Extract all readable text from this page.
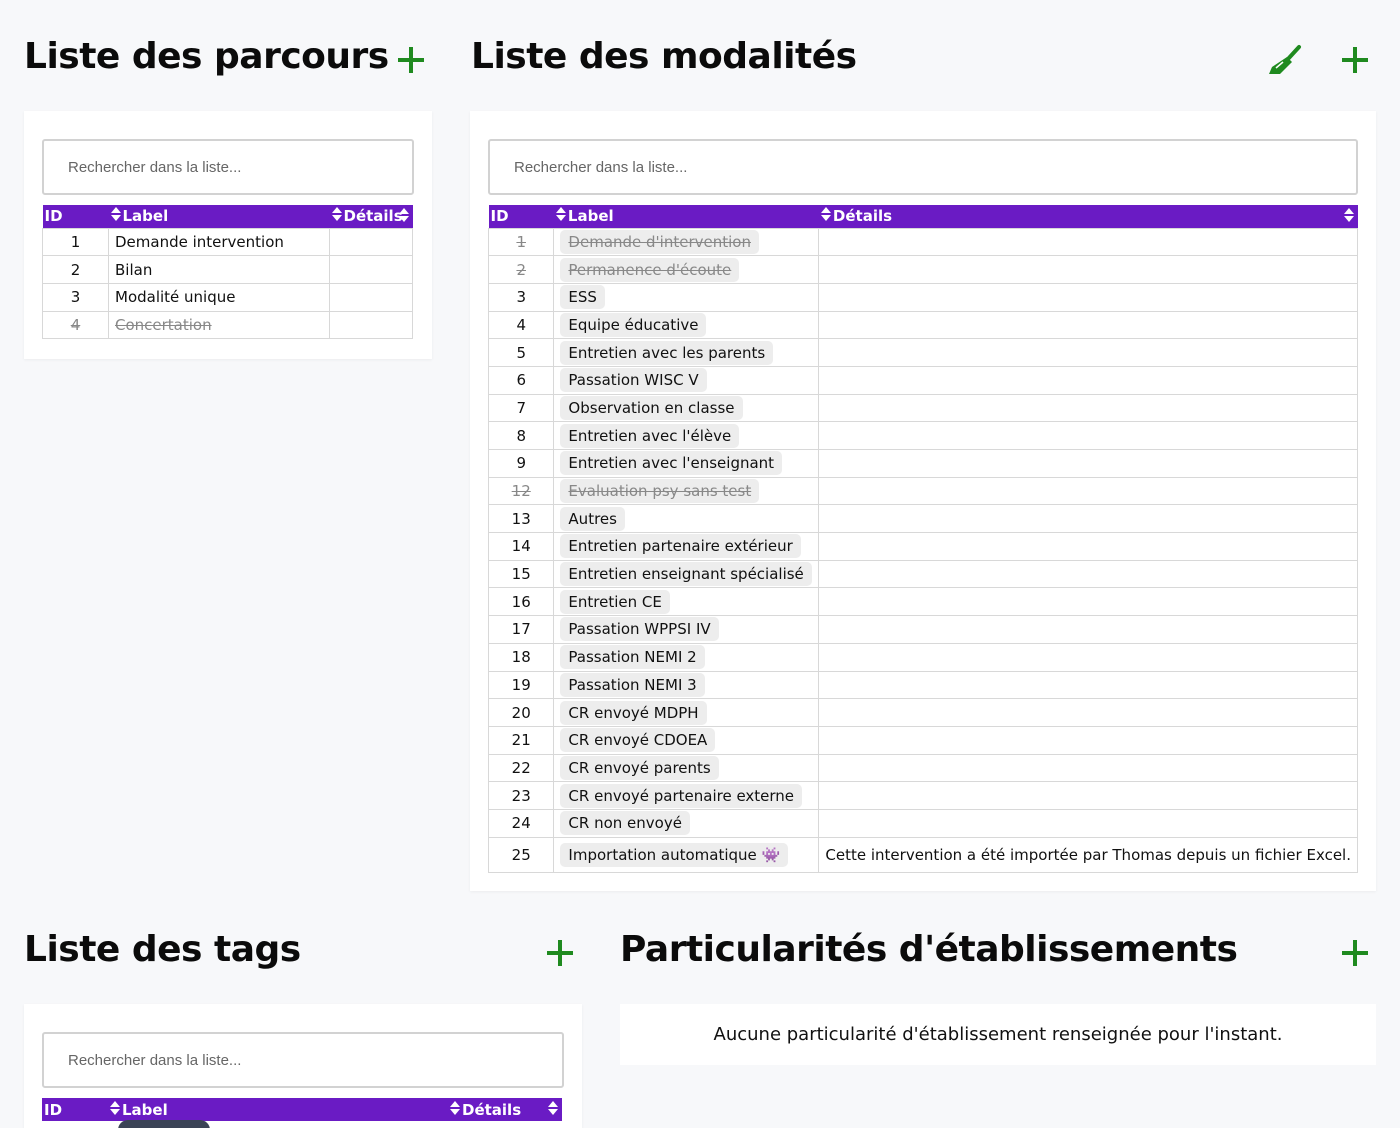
Liste des parcours
Rechercher dans la liste...
ID	Label	Détails

1	Demande intervention	
2	Bilan	
3	Modalité unique	
4	Concertation	
Liste des modalités
Rechercher dans la liste...
ID	Label	Détails

1	Demande d'intervention	
2	Permanence d'écoute	
3	ESS	
4	Equipe éducative	
5	Entretien avec les parents	
6	Passation WISC V	
7	Observation en classe	
8	Entretien avec l'élève	
9	Entretien avec l'enseignant	
12	Evaluation psy sans test	
13	Autres	
14	Entretien partenaire extérieur	
15	Entretien enseignant spécialisé	
16	Entretien CE	
17	Passation WPPSI IV	
18	Passation NEMI 2	
19	Passation NEMI 3	
20	CR envoyé MDPH	
21	CR envoyé CDOEA	
22	CR envoyé parents	
23	CR envoyé partenaire externe	
24	CR non envoyé	
25	Importation automatique 👾	Cette intervention a été importée par Thomas depuis un fichier Excel.
Liste des tags
Rechercher dans la liste...
ID	Label	Détails
Particularités d'établissements
Aucune particularité d'établissement renseignée pour l'instant.
